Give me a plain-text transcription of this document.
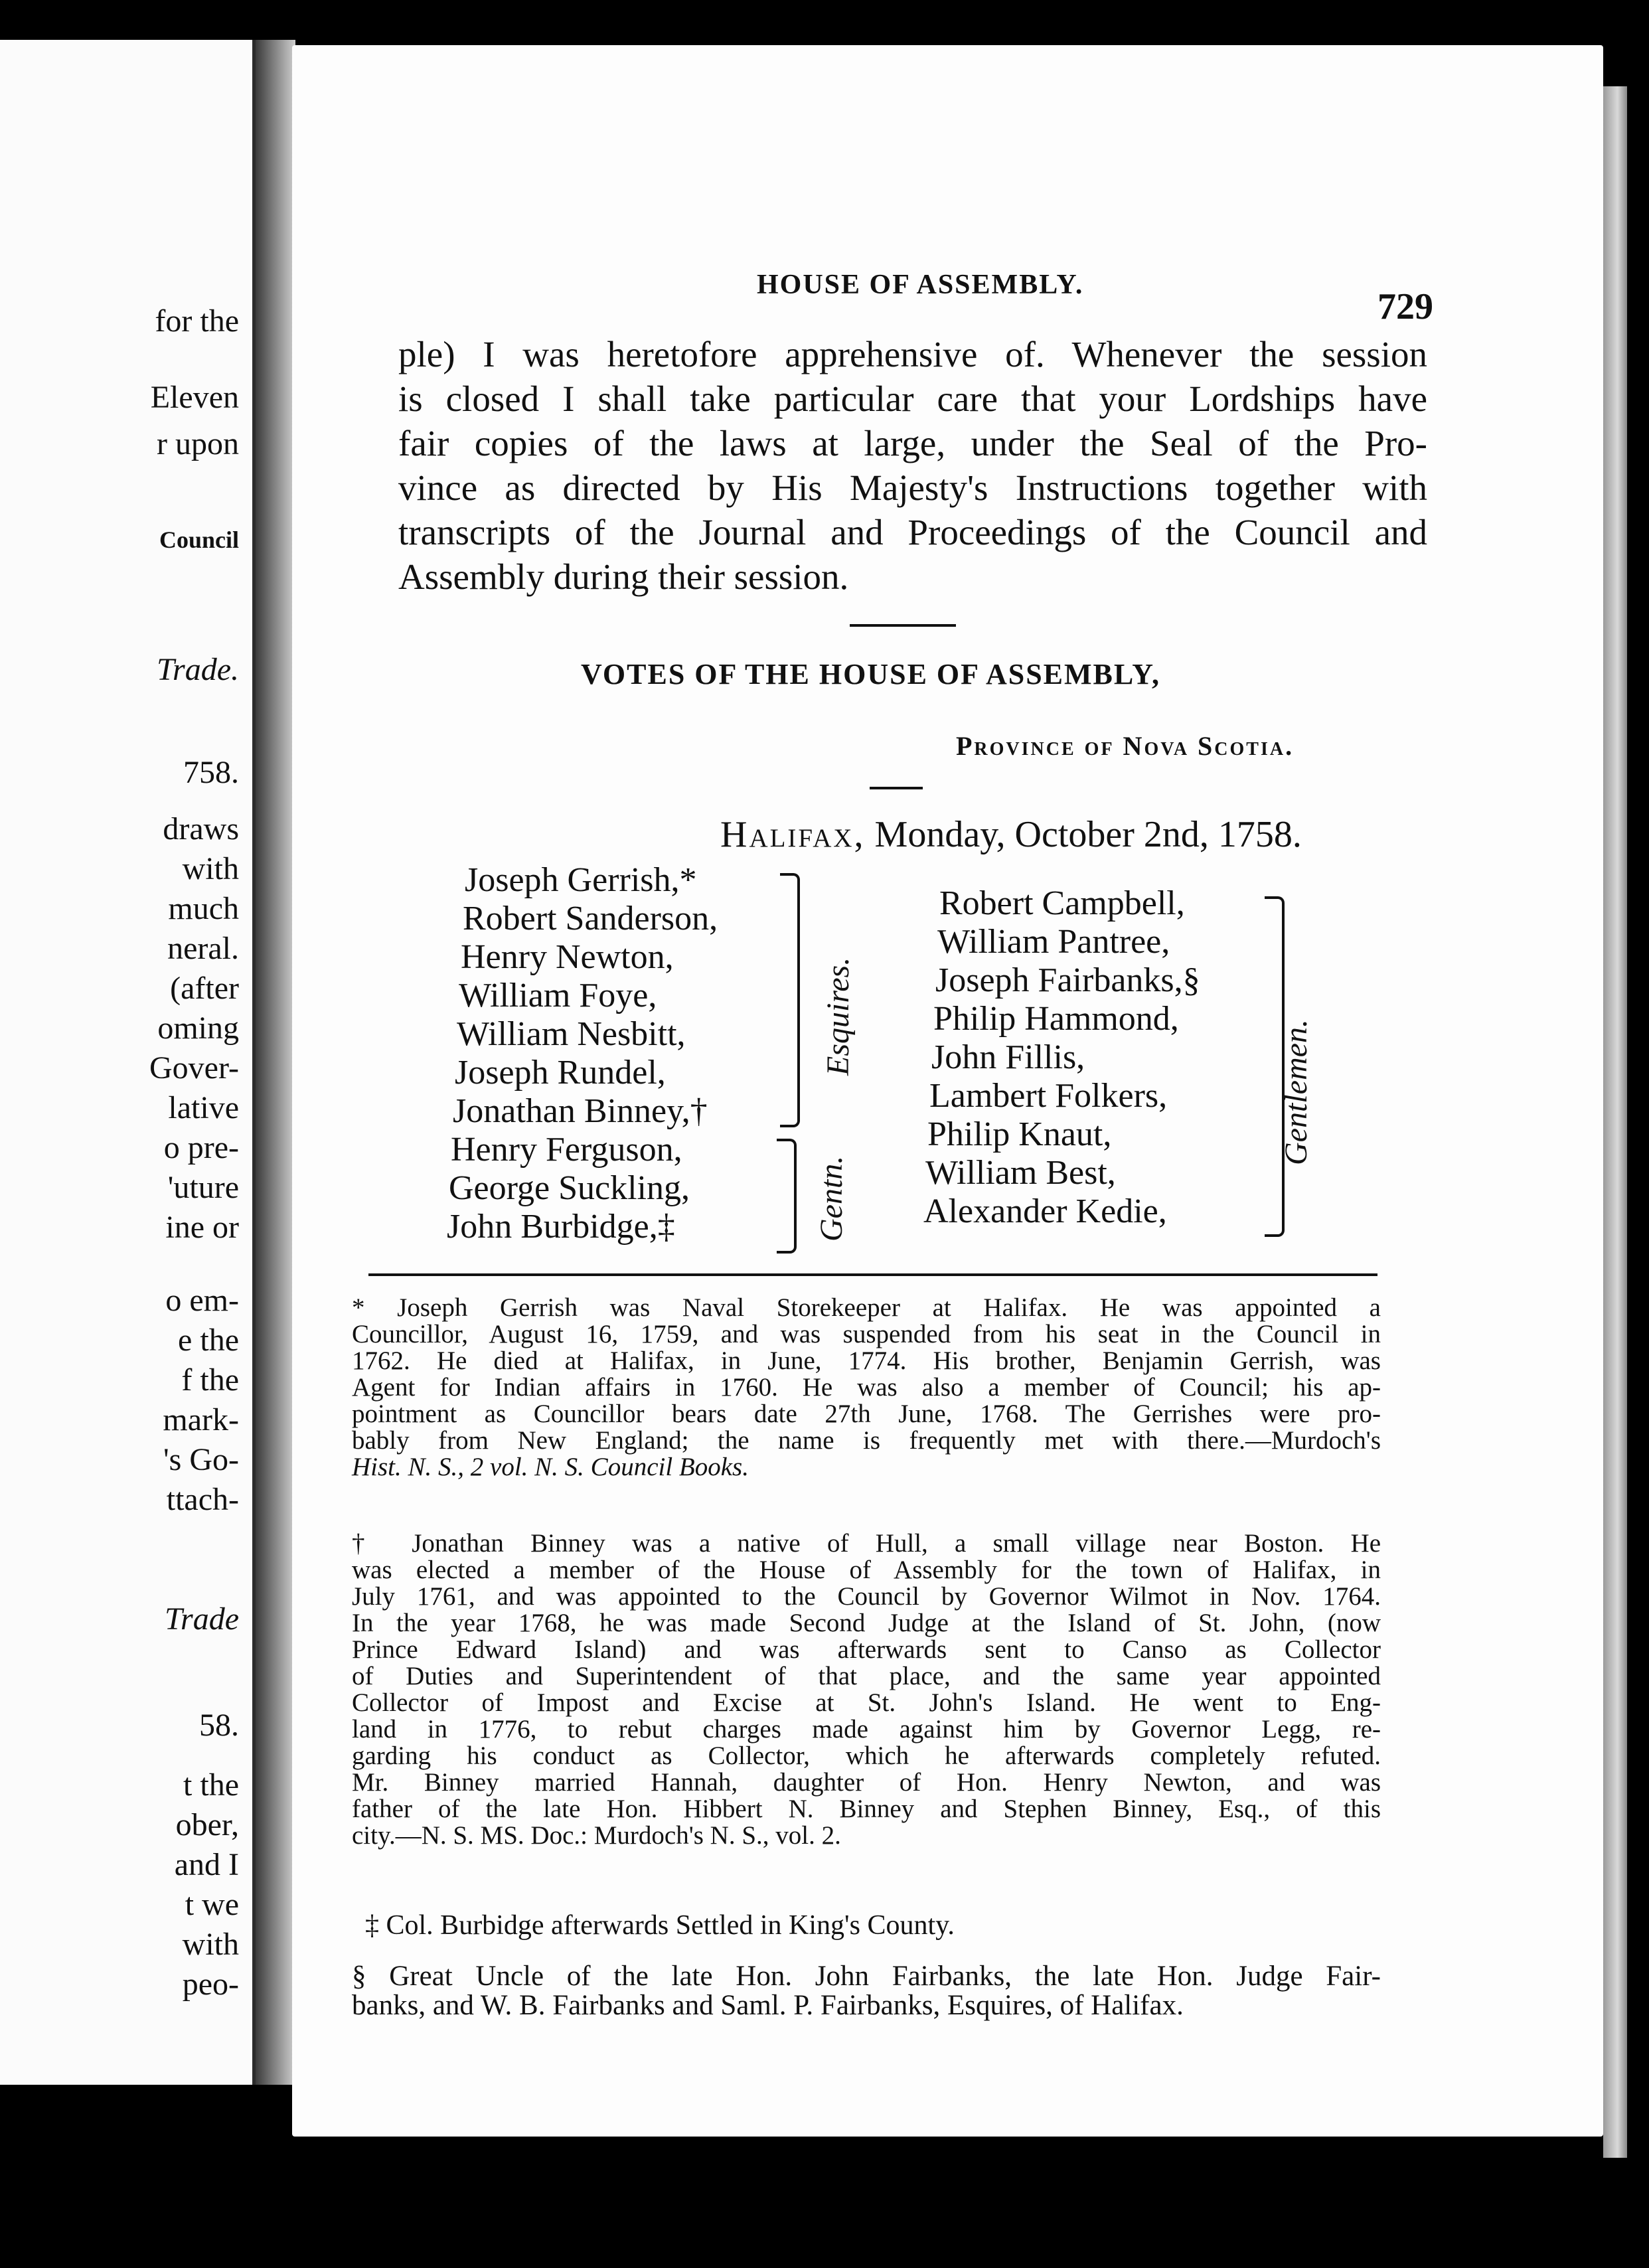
for the
Eleven
r upon
Council
Trade.
758.
draws
with
much
neral.
(after
oming
Gover-
lative
o pre-
'uture
ine or
o em-
e the
f the
mark-
's Go-
ttach-
Trade
58.
t the
ober,
and I
t we
with
peo-
HOUSE OF ASSEMBLY.
729
ple) I was heretofore apprehensive of. Whenever the session
is closed I shall take particular care that your Lordships have
fair copies of the laws at large, under the Seal of the Pro-
vince as directed by His Majesty's Instructions together with
transcripts of the Journal and Proceedings of the Council and
Assembly during their session.
VOTES OF THE HOUSE OF ASSEMBLY,
Province of Nova Scotia.
Halifax, Monday, October 2nd, 1758.
Joseph Gerrish,*
Robert Sanderson,
Henry Newton,
William Foye,
William Nesbitt,
Joseph Rundel,
Jonathan Binney,†
Henry Ferguson,
George Suckling,
John Burbidge,‡
Esquires.
Gentn.
Robert Campbell,
William Pantree,
Joseph Fairbanks,§
Philip Hammond,
John Fillis,
Lambert Folkers,
Philip Knaut,
William Best,
Alexander Kedie,
Gentlemen.
* Joseph Gerrish was Naval Storekeeper at Halifax. He was appointed a
Councillor, August 16, 1759, and was suspended from his seat in the Council in
1762. He died at Halifax, in June, 1774. His brother, Benjamin Gerrish, was
Agent for Indian affairs in 1760. He was also a member of Council; his ap-
pointment as Councillor bears date 27th June, 1768. The Gerrishes were pro-
bably from New England; the name is frequently met with there.—Murdoch's
Hist. N. S., 2 vol. N. S. Council Books.
† Jonathan Binney was a native of Hull, a small village near Boston. He
was elected a member of the House of Assembly for the town of Halifax, in
July 1761, and was appointed to the Council by Governor Wilmot in Nov. 1764.
In the year 1768, he was made Second Judge at the Island of St. John, (now
Prince Edward Island) and was afterwards sent to Canso as Collector
of Duties and Superintendent of that place, and the same year appointed
Collector of Impost and Excise at St. John's Island. He went to Eng-
land in 1776, to rebut charges made against him by Governor Legg, re-
garding his conduct as Collector, which he afterwards completely refuted.
Mr. Binney married Hannah, daughter of Hon. Henry Newton, and was
father of the late Hon. Hibbert N. Binney and Stephen Binney, Esq., of this
city.—N. S. MS. Doc.: Murdoch's N. S., vol. 2.
‡ Col. Burbidge afterwards Settled in King's County.
§ Great Uncle of the late Hon. John Fairbanks, the late Hon. Judge Fair-
banks, and W. B. Fairbanks and Saml. P. Fairbanks, Esquires, of Halifax.
